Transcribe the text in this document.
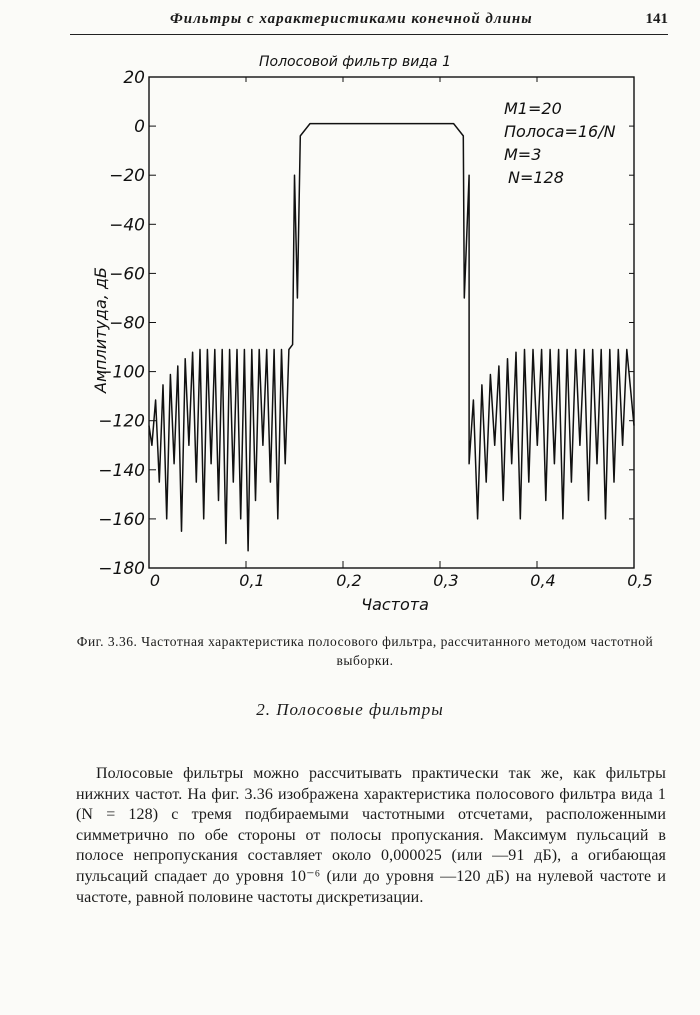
Фильтры с характеристиками конечной длины	141
20
0
−20
−40
−60
−80
−100
−120
−140
−160
−180
0	0,1	0,2	0,3	0,4	0,5
Полосовой фильтр вида 1
Частота
Амплитуда, дБ
M1=20
Полоса=16/N
M=3
N=128
Фиг. 3.36. Частотная характеристика полосового фильтра, рассчитанного методом частотной выборки.
2. Полосовые фильтры

Полосовые фильтры можно рассчитывать практически так же, как фильтры нижних частот. На фиг. 3.36 изображена характеристика полосового фильтра вида 1 (N = 128) с тремя подбираемыми частотными отсчетами, расположенными симметрично по обе стороны от полосы пропускания. Максимум пульсаций в полосе непропускания составляет около 0,000025 (или —91 дБ), а огибающая пульсаций спадает до уровня 10⁻⁶ (или до уровня —120 дБ) на нулевой частоте и частоте, равной половине частоты дискретизации.
